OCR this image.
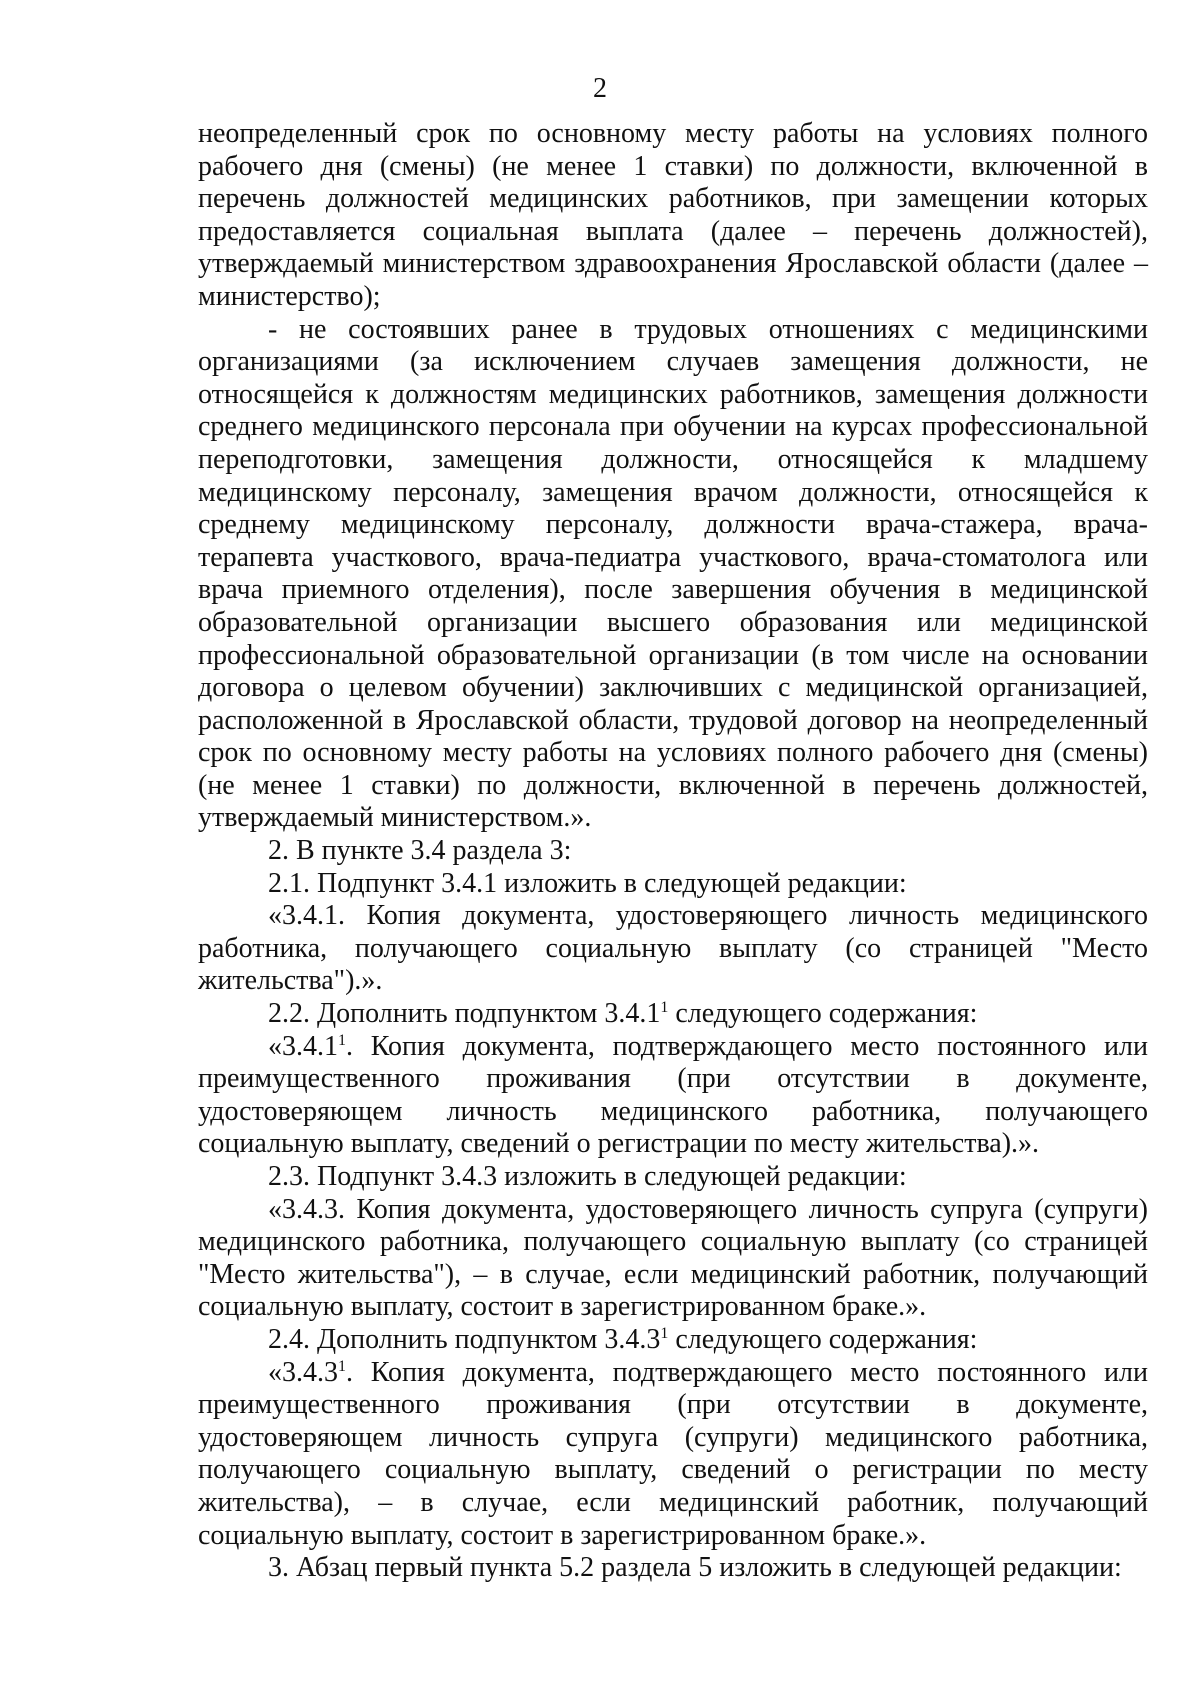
2
неопределенный срок по основному месту работы на условиях полного
рабочего дня (смены) (не менее 1 ставки) по должности, включенной в
перечень должностей медицинских работников, при замещении которых
предоставляется социальная выплата (далее – перечень должностей),
утверждаемый министерством здравоохранения Ярославской области (далее –
министерство);
- не состоявших ранее в трудовых отношениях с медицинскими
организациями (за исключением случаев замещения должности, не
относящейся к должностям медицинских работников, замещения должности
среднего медицинского персонала при обучении на курсах профессиональной
переподготовки, замещения должности, относящейся к младшему
медицинскому персоналу, замещения врачом должности, относящейся к
среднему медицинскому персоналу, должности врача-стажера, врача-
терапевта участкового, врача-педиатра участкового, врача-стоматолога или
врача приемного отделения), после завершения обучения в медицинской
образовательной организации высшего образования или медицинской
профессиональной образовательной организации (в том числе на основании
договора о целевом обучении) заключивших с медицинской организацией,
расположенной в Ярославской области, трудовой договор на неопределенный
срок по основному месту работы на условиях полного рабочего дня (смены)
(не менее 1 ставки) по должности, включенной в перечень должностей,
утверждаемый министерством.».
2. В пункте 3.4 раздела 3:
2.1. Подпункт 3.4.1 изложить в следующей редакции:
«3.4.1. Копия документа, удостоверяющего личность медицинского
работника, получающего социальную выплату (со страницей "Место
жительства").».
2.2. Дополнить подпунктом 3.4.1$^1$ следующего содержания:
«3.4.1$^1$. Копия документа, подтверждающего место постоянного или
преимущественного проживания (при отсутствии в документе,
удостоверяющем личность медицинского работника, получающего
социальную выплату, сведений о регистрации по месту жительства).».
2.3. Подпункт 3.4.3 изложить в следующей редакции:
«3.4.3. Копия документа, удостоверяющего личность супруга (супруги)
медицинского работника, получающего социальную выплату (со страницей
"Место жительства"), – в случае, если медицинский работник, получающий
социальную выплату, состоит в зарегистрированном браке.».
2.4. Дополнить подпунктом 3.4.3$^1$ следующего содержания:
«3.4.3$^1$. Копия документа, подтверждающего место постоянного или
преимущественного проживания (при отсутствии в документе,
удостоверяющем личность супруга (супруги) медицинского работника,
получающего социальную выплату, сведений о регистрации по месту
жительства), – в случае, если медицинский работник, получающий
социальную выплату, состоит в зарегистрированном браке.».
3. Абзац первый пункта 5.2 раздела 5 изложить в следующей редакции:
